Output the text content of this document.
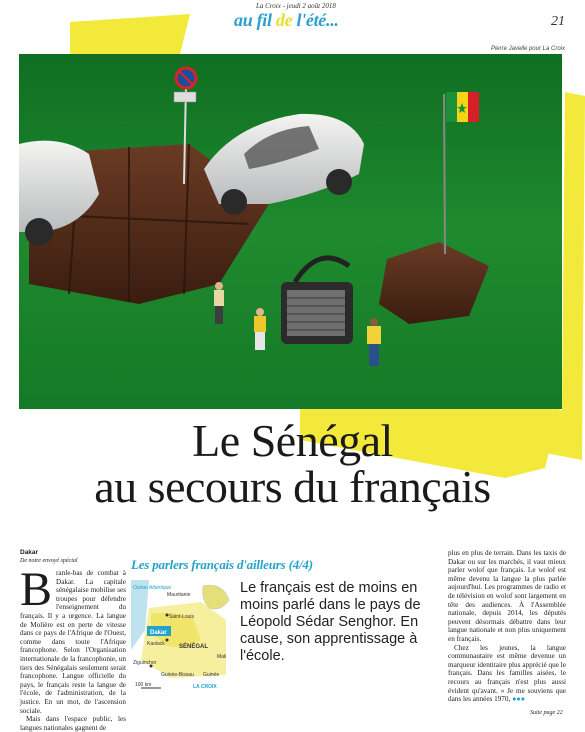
La Croix - jeudi 2 août 2018
au fil de l'été...	21
Pierre Javelle pour La Croix
Le Sénégal
au secours du français
Dakar
De notre envoyé spécial

Branle-bas de combat à Dakar. La capitale sénégalaise mobilise ses troupes pour défendre l'enseignement du français. Il y a urgence. La langue de Molière est en perte de vitesse dans ce pays de l'Afrique de l'Ouest, comme dans toute l'Afrique francophone. Selon l'Organisation internationale de la francophonie, un tiers des Sénégalais seulement serait francophone. Langue officielle du pays, le français reste la langue de l'école, de l'administration, de la justice. En un mot, de l'ascension sociale.

Mais dans l'espace public, les langues nationales gagnent de

Les parlers français d'ailleurs (4/4)
Océan Atlantique
Mauritanie
Saint-Louis
Dakar
Kaolack SÉNÉGAL
Mali
Ziguinchor
Guinée-Bissau Guinée
100 km	LA CROIX
Le français est de moins en moins parlé dans le pays de Léopold Sédar Senghor. En cause, son apprentissage à l'école.

plus en plus de terrain. Dans les taxis de Dakar ou sur les marchés, il vaut mieux parler wolof que français. Le wolof est même devenu la langue la plus parlée aujourd'hui. Les programmes de radio et de télévision en wolof sont largement en tête des audiences. À l'Assemblée nationale, depuis 2014, les députés peuvent désormais débattre dans leur langue nationale et non plus uniquement en français.

Chez les jeunes, la langue communautaire est même devenue un marqueur identitaire plus apprécié que le français. Dans les familles aisées, le recours au français n'est plus aussi évident qu'avant. « Je me souviens que dans les années 1970, ●●●

Suite page 22
